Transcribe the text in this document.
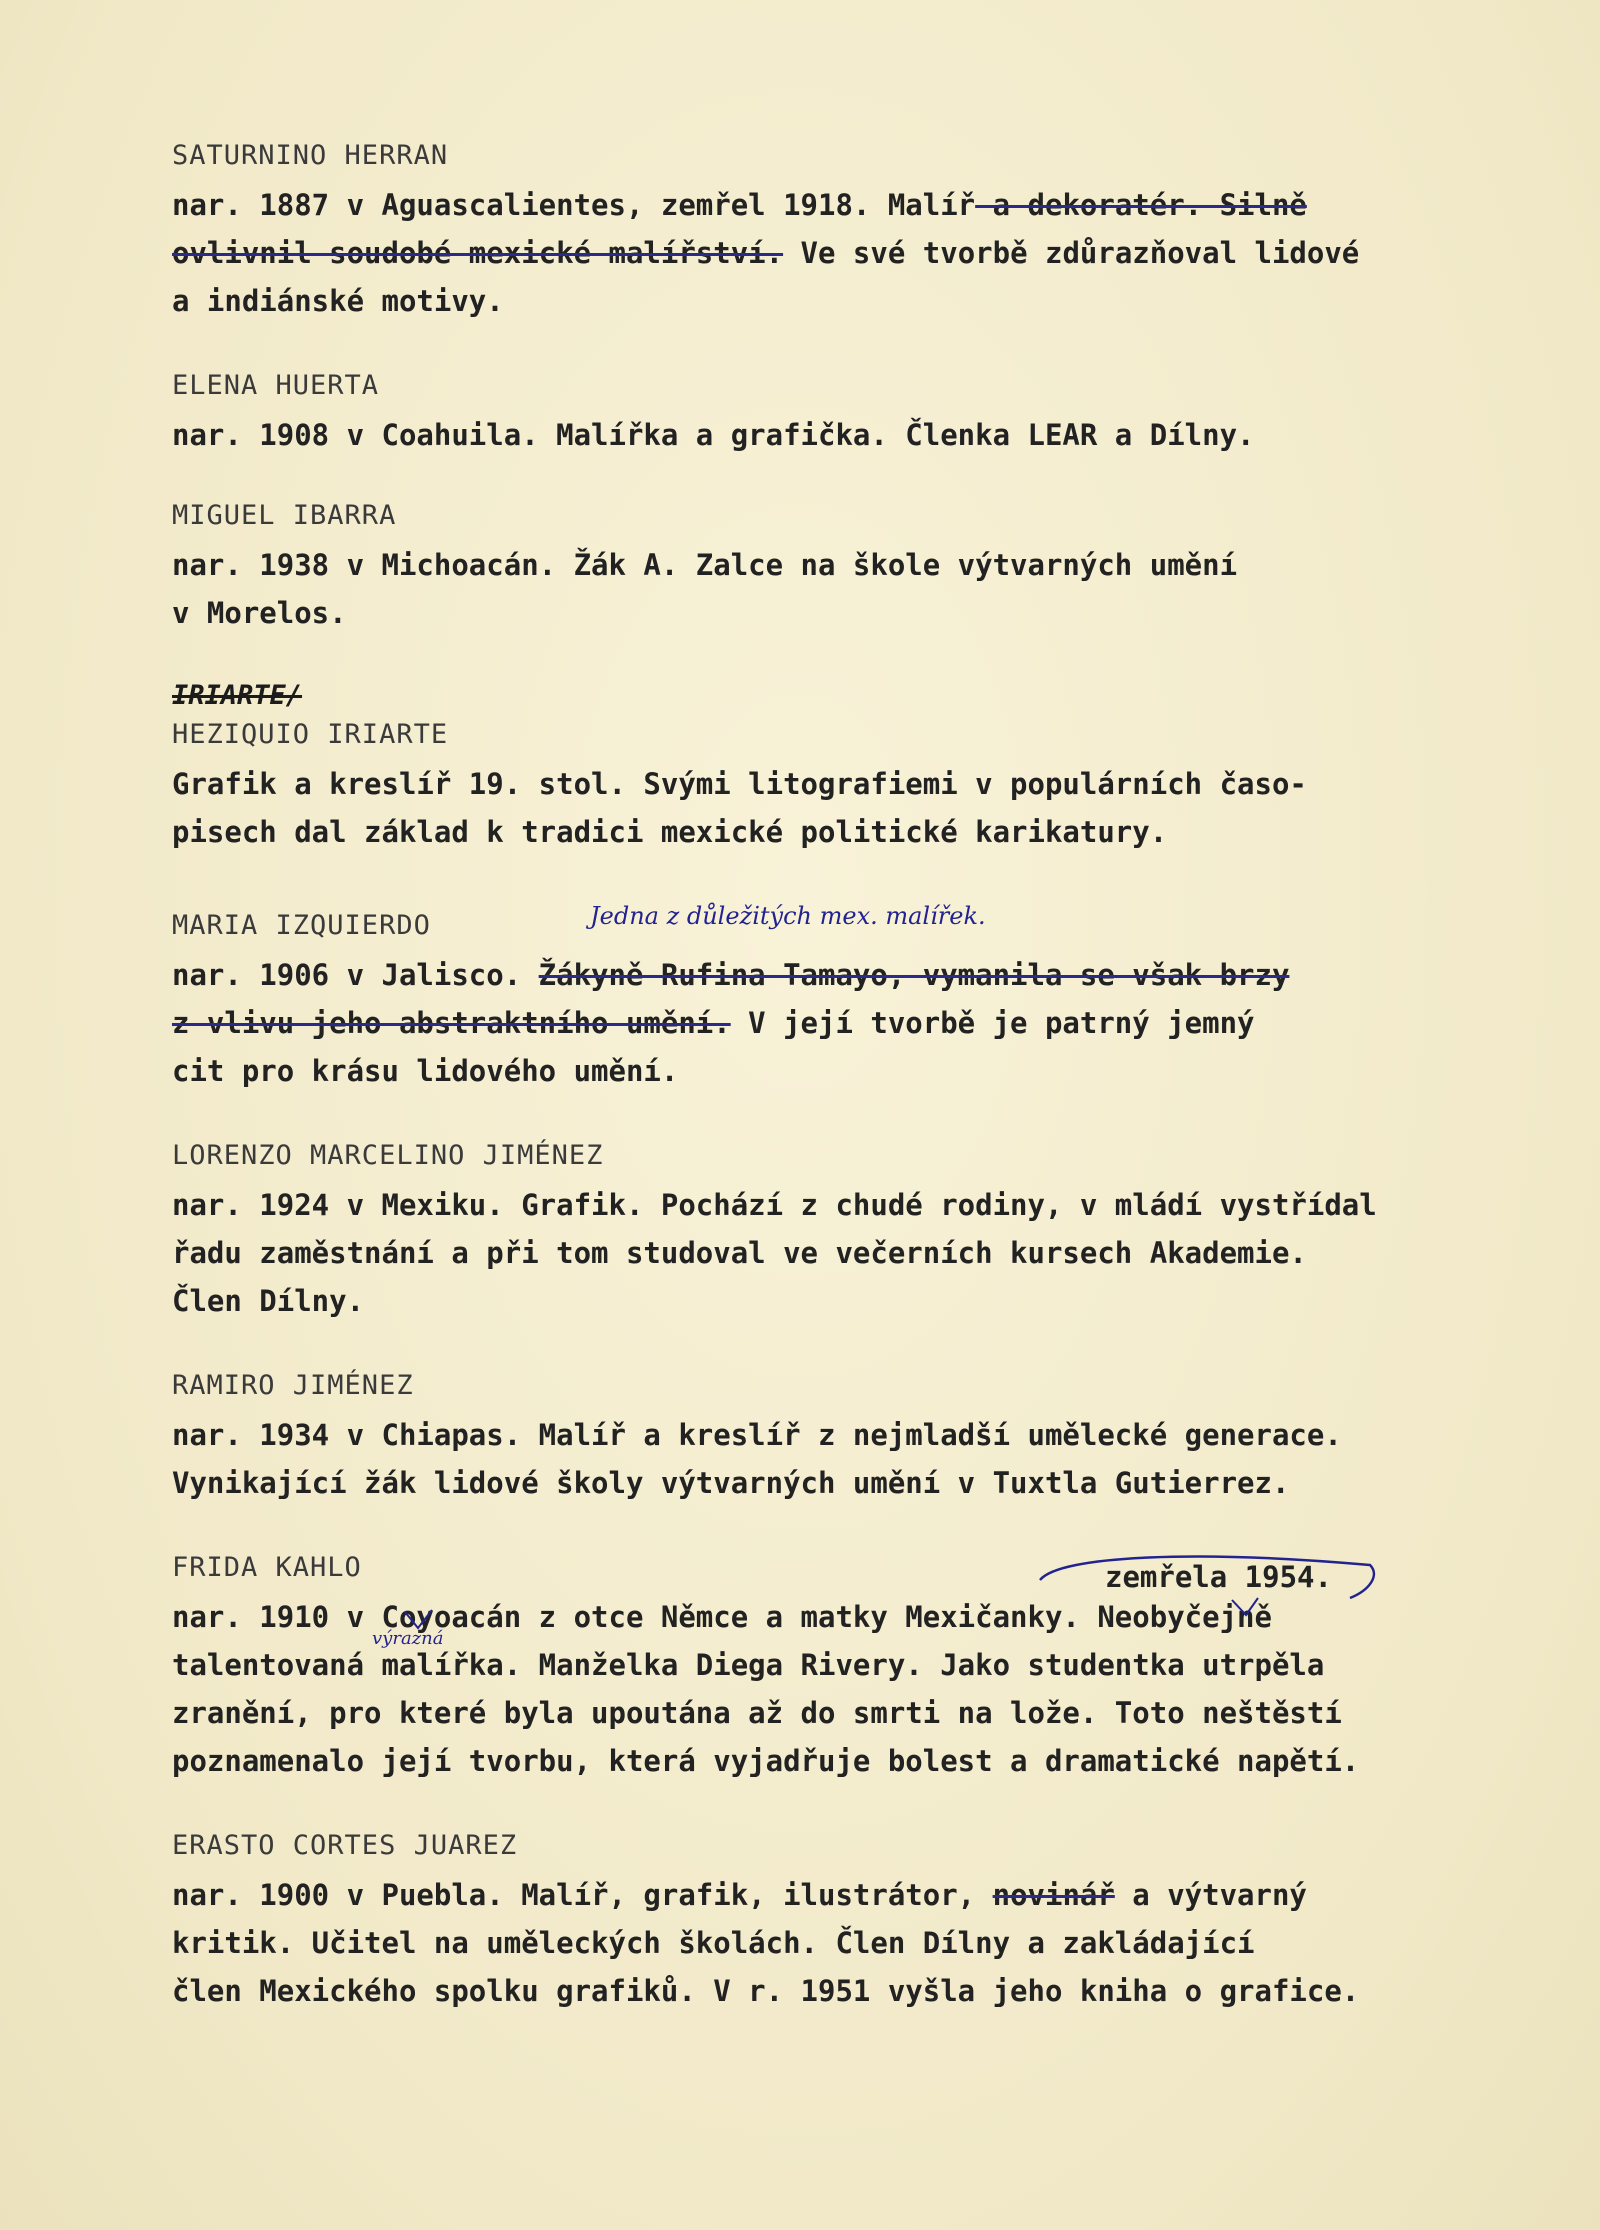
SATURNINO HERRAN
nar. 1887 v Aguascalientes, zemřel 1918. Malíř a dekoratér. Silně
ovlivnil soudobé mexické malířství. Ve své tvorbě zdůrazňoval lidové
a indiánské motivy.
ELENA HUERTA
nar. 1908 v Coahuila. Malířka a grafička. Členka LEAR a Dílny.
MIGUEL IBARRA
nar. 1938 v Michoacán. Žák A. Zalce na škole výtvarných umění
v Morelos.
IRIARTE/
HEZIQUIO IRIARTE
Grafik a kreslíř 19. stol. Svými litografiemi v populárních časo-
pisech dal základ k tradici mexické politické karikatury.
MARIA IZQUIERDO
nar. 1906 v Jalisco. Žákyně Rufina Tamayo, vymanila se však brzy
z vlivu jeho abstraktního umění. V její tvorbě je patrný jemný
cit pro krásu lidového umění.
Jedna z důležitých mex. malířek.
LORENZO MARCELINO JIMÉNEZ
nar. 1924 v Mexiku. Grafik. Pochází z chudé rodiny, v mládí vystřídal
řadu zaměstnání a při tom studoval ve večerních kursech Akademie.
Člen Dílny.
RAMIRO JIMÉNEZ
nar. 1934 v Chiapas. Malíř a kreslíř z nejmladší umělecké generace.
Vynikající žák lidové školy výtvarných umění v Tuxtla Gutierrez.
FRIDA KAHLO
nar. 1910 v Coyoacán z otce Němce a matky Mexičanky. Neobyčejně
talentovaná malířka. Manželka Diega Rivery. Jako studentka utrpěla
zranění, pro které byla upoutána až do smrti na lože. Toto neštěstí
poznamenalo její tvorbu, která vyjadřuje bolest a dramatické napětí.
zemřela 1954.
výrazná
ERASTO CORTES JUAREZ
nar. 1900 v Puebla. Malíř, grafik, ilustrátor, novinář a výtvarný
kritik. Učitel na uměleckých školách. Člen Dílny a zakládající
člen Mexického spolku grafiků. V r. 1951 vyšla jeho kniha o grafice.
